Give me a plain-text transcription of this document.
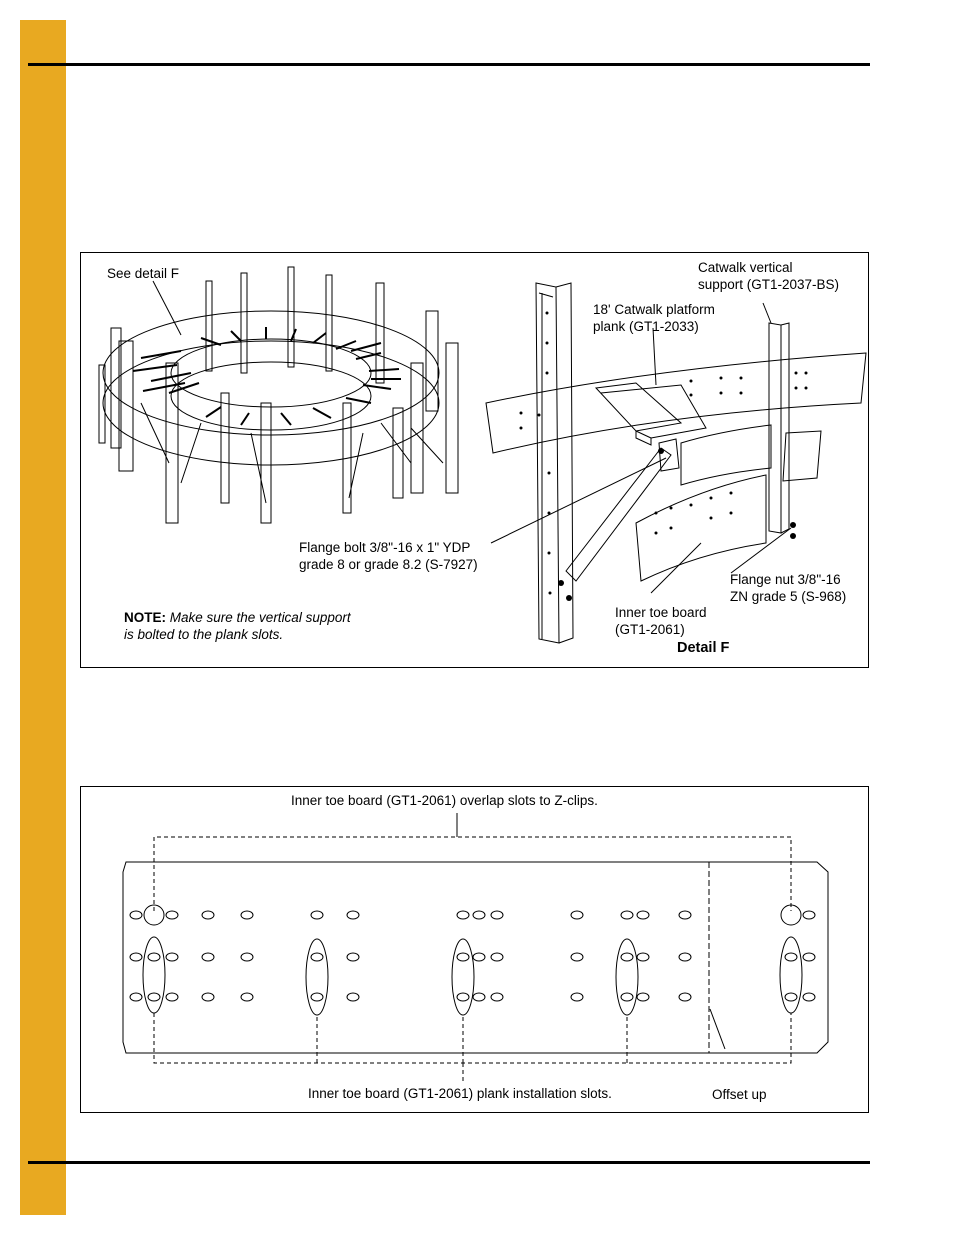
See detail F	Catwalk vertical
support (GT1-2037-BS)
18' Catwalk platform
plank (GT1-2033)
Flange bolt 3/8"-16 x 1" YDP
grade 8 or grade 8.2 (S-7927)
Flange nut 3/8"-16
ZN grade 5 (S-968)
Inner toe board
(GT1-2061)
NOTE: Make sure the vertical support
is bolted to the plank slots.
Detail F
Inner toe board (GT1-2061) overlap slots to Z-clips.
Inner toe board (GT1-2061) plank installation slots.	Offset up
